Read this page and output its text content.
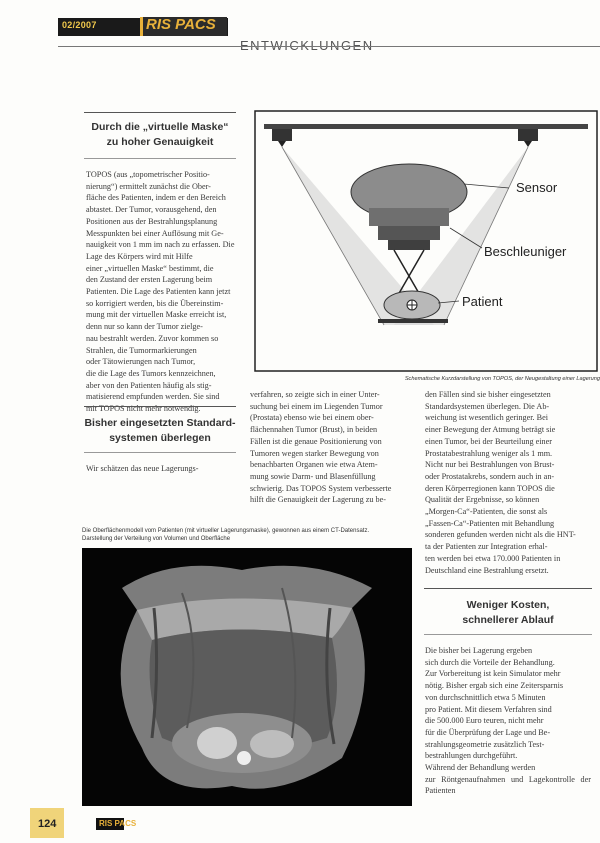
02/2007	RIS PACS
ENTWICKLUNGEN
Durch die „virtuelle Maske“
zu hoher Genauigkeit
TOPOS (aus „topometrischer Positio-
nierung“) ermittelt zunächst die Ober-
fläche des Patienten, indem er den Bereich
abtastet. Der Tumor, vorausgehend, den
Positionen aus der Bestrahlungsplanung
Messpunkten bei einer Auflösung mit Ge-
nauigkeit von 1 mm im nach zu erfassen. Die
Lage des Körpers wird mit Hilfe
einer „virtuellen Maske“ bestimmt, die
den Zustand der ersten Lagerung beim
Patienten. Die Lage des Patienten kann jetzt
so korrigiert werden, bis die Übereinstim-
mung mit der virtuellen Maske erreicht ist,
denn nur so kann der Tumor zielge-
nau bestrahlt werden. Zuvor kommen so
Strahlen, die Tumormarkierungen
oder Tätowierungen nach Tumor,
die die Lage des Tumors kennzeichnen,
aber von den Patienten häufig als stig-
matisierend empfunden werden. Sie sind
mit TOPOS nicht mehr notwendig.
Bisher eingesetzten Standard-
systemen überlegen
Wir schätzen das neue Lagerungs-
Sensor
Beschleuniger
Patient
Schematische Kurzdarstellung von TOPOS, der Neugestaltung einer Lagerung
verfahren, so zeigte sich in einer Unter-
suchung bei einem im Liegenden Tumor
(Prostata) ebenso wie bei einem ober-
flächennahen Tumor (Brust), in beiden
Fällen ist die genaue Positionierung von
Tumoren wegen starker Bewegung von
benachbarten Organen wie etwa Atem-
mung sowie Darm- und Blasenfüllung
schwierig. Das TOPOS System verbesserte
hilft die Genauigkeit der Lagerung zu be-
den Fällen sind sie bisher eingesetzten
Standardsystemen überlegen. Die Ab-
weichung ist wesentlich geringer. Bei
einer Bewegung der Atmung beträgt sie
einen Tumor, bei der Beurteilung einer
Prostatabestrahlung weniger als 1 mm.
Nicht nur bei Bestrahlungen von Brust-
oder Prostatakrebs, sondern auch in an-
deren Körperregionen kann TOPOS die
Qualität der Ergebnisse, so können
„Morgen-Ca“-Patienten, die sonst als
„Fassen-Ca“-Patienten mit Behandlung
sonderen gefunden werden nicht als die HNT-
ta der Patienten zur Integration erhal-
ten werden bei etwa 170.000 Patienten in
Deutschland eine Bestrahlung ersetzt.
Weniger Kosten,
schnellerer Ablauf
Die bisher bei Lagerung ergeben
sich durch die Vorteile der Behandlung.
Zur Vorbereitung ist kein Simulator mehr
nötig. Bisher ergab sich eine Zeitersparnis
von durchschnittlich etwa 5 Minuten
pro Patient. Mit diesem Verfahren sind
die 500.000 Euro teuren, nicht mehr
für die Überprüfung der Lage und Be-
strahlungsgeometrie zusätzlich Test-
bestrahlungen durchgeführt.
Während der Behandlung werden
zur Röntgenaufnahmen und Lagekontrolle der Patienten
Die Oberflächenmodell vom Patienten (mit virtueller Lagerungsmaske), gewonnen aus einem CT-Datensatz.
Darstellung der Verteilung von Volumen und Oberfläche
124	RIS PACS
